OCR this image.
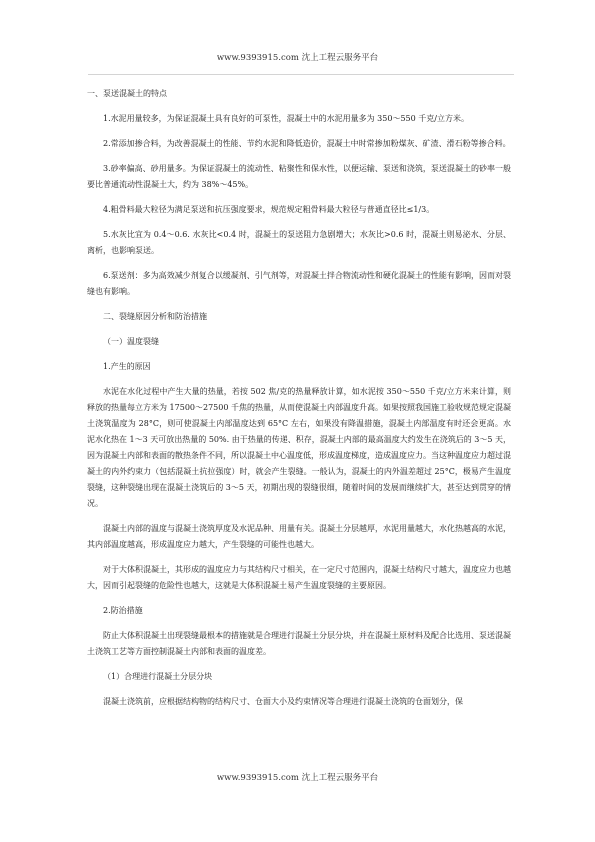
www.9393915.com 沈上工程云服务平台

一、泵送混凝土的特点

1.水泥用量较多，为保证混凝土具有良好的可泵性，混凝土中的水泥用量多为 350～550 千克/立方米。

2.常添加掺合料，为改善混凝土的性能、节约水泥和降低造价，混凝土中时常掺加粉煤灰、矿渣、滑石粉等掺合料。

3.砂率偏高、砂用量多。为保证混凝土的流动性、粘聚性和保水性，以便运输、泵送和浇筑，泵送混凝土的砂率一般要比普通流动性混凝土大，约为 38%～45%。

4.粗骨料最大粒径为满足泵送和抗压强度要求，规范规定粗骨料最大粒径与普通直径比≤1/3。

5.水灰比宜为 0.4～0.6. 水灰比<0.4 时，混凝土的泵送阻力急剧增大；水灰比>0.6 时，混凝土则易泌水、分层、离析，也影响泵送。

6.泵送剂：多为高效减少剂复合以缓凝剂、引气剂等，对混凝土拌合物流动性和硬化混凝土的性能有影响，因而对裂缝也有影响。

二、裂缝原因分析和防治措施

（一）温度裂缝

1.产生的原因

水泥在水化过程中产生大量的热量，若按 502 焦/克的热量释放计算，如水泥按 350～550 千克/立方米来计算，则释放的热量每立方米为 17500～27500 千焦的热量，从而使混凝土内部温度升高。如果按照我国施工验收规范规定混凝土浇筑温度为 28°C，则可使混凝土内部温度达到 65°C 左右，如果没有降温措施，混凝土内部温度有时还会更高。水泥水化热在 1～3 天可放出热量的 50%. 由于热量的传递、积存，混凝土内部的最高温度大约发生在浇筑后的 3～5 天，因为混凝土内部和表面的散热条件不同，所以混凝土中心温度低，形成温度梯度，造成温度应力。当这种温度应力超过混凝土的内外约束力（包括混凝土抗拉强度）时，就会产生裂缝。一般认为，混凝土的内外温差超过 25°C，极易产生温度裂缝，这种裂缝出现在混凝土浇筑后的 3～5 天，初期出现的裂缝很细，随着时间的发展而继续扩大，甚至达到贯穿的情况。

混凝土内部的温度与混凝土浇筑厚度及水泥品种、用量有关。混凝土分层越厚，水泥用量越大，水化热越高的水泥，其内部温度越高，形成温度应力越大，产生裂缝的可能性也越大。

对于大体积混凝土，其形成的温度应力与其结构尺寸相关，在一定尺寸范围内，混凝土结构尺寸越大，温度应力也越大，因而引起裂缝的危险性也越大，这就是大体积混凝土易产生温度裂缝的主要原因。

2.防治措施

防止大体积混凝土出现裂缝最根本的措施就是合理进行混凝土分层分块，并在混凝土原材料及配合比选用、泵送混凝土浇筑工艺等方面控制混凝土内部和表面的温度差。

（1）合理进行混凝土分层分块

混凝土浇筑前，应根据结构物的结构尺寸、仓面大小及约束情况等合理进行混凝土浇筑的仓面划分，保

www.9393915.com 沈上工程云服务平台
